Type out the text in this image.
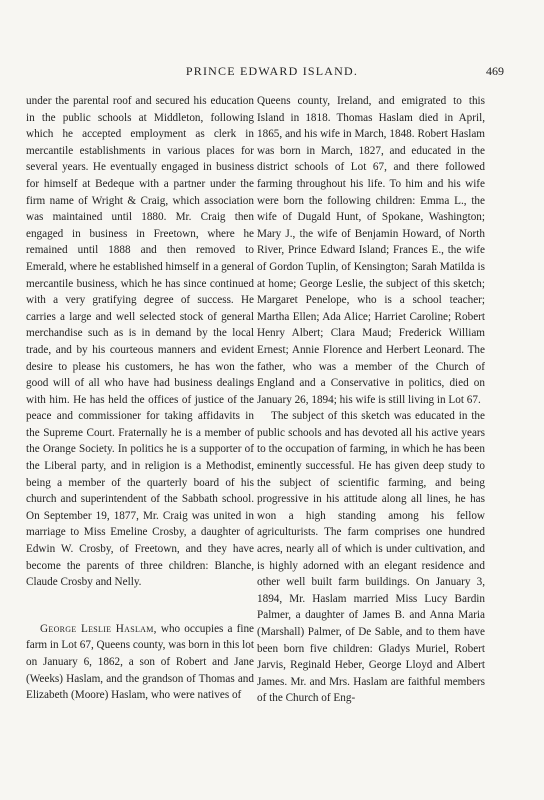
PRINCE EDWARD ISLAND.	469

under the parental roof and secured his education in the public schools at Middleton, following which he accepted employment as clerk in mercantile establishments in various places for several years. He eventually engaged in business for himself at Bedeque with a partner under the firm name of Wright & Craig, which association was maintained until 1880. Mr. Craig then engaged in business in Freetown, where he remained until 1888 and then removed to Emerald, where he established himself in a general mercantile business, which he has since continued with a very gratifying degree of success. He carries a large and well selected stock of general merchandise such as is in demand by the local trade, and by his courteous manners and evident desire to please his customers, he has won the good will of all who have had business dealings with him. He has held the offices of justice of the peace and commissioner for taking affidavits in the Supreme Court. Fraternally he is a member of the Orange Society. In politics he is a supporter of the Liberal party, and in religion is a Methodist, being a member of the quarterly board of his church and superintendent of the Sabbath school. On September 19, 1877, Mr. Craig was united in marriage to Miss Emeline Crosby, a daughter of Edwin W. Crosby, of Freetown, and they have become the parents of three children: Blanche, Claude Crosby and Nelly.

George Leslie Haslam, who occupies a fine farm in Lot 67, Queens county, was born in this lot on January 6, 1862, a son of Robert and Jane (Weeks) Haslam, and the grandson of Thomas and Elizabeth (Moore) Haslam, who were natives of

Queens county, Ireland, and emigrated to this Island in 1818. Thomas Haslam died in April, 1865, and his wife in March, 1848. Robert Haslam was born in March, 1827, and educated in the district schools of Lot 67, and there followed farming throughout his life. To him and his wife were born the following children: Emma L., the wife of Dugald Hunt, of Spokane, Washington; Mary J., the wife of Benjamin Howard, of North River, Prince Edward Island; Frances E., the wife of Gordon Tuplin, of Kensington; Sarah Matilda is at home; George Leslie, the subject of this sketch; Margaret Penelope, who is a school teacher; Martha Ellen; Ada Alice; Harriet Caroline; Robert Henry Albert; Clara Maud; Frederick William Ernest; Annie Florence and Herbert Leonard. The father, who was a member of the Church of England and a Conservative in politics, died on January 26, 1894; his wife is still living in Lot 67.

The subject of this sketch was educated in the public schools and has devoted all his active years to the occupation of farming, in which he has been eminently successful. He has given deep study to the subject of scientific farming, and being progressive in his attitude along all lines, he has won a high standing among his fellow agriculturists. The farm comprises one hundred acres, nearly all of which is under cultivation, and is highly adorned with an elegant residence and other well built farm buildings. On January 3, 1894, Mr. Haslam married Miss Lucy Bardin Palmer, a daughter of James B. and Anna Maria (Marshall) Palmer, of De Sable, and to them have been born five children: Gladys Muriel, Robert Jarvis, Reginald Heber, George Lloyd and Albert James. Mr. and Mrs. Haslam are faithful members of the Church of Eng-
